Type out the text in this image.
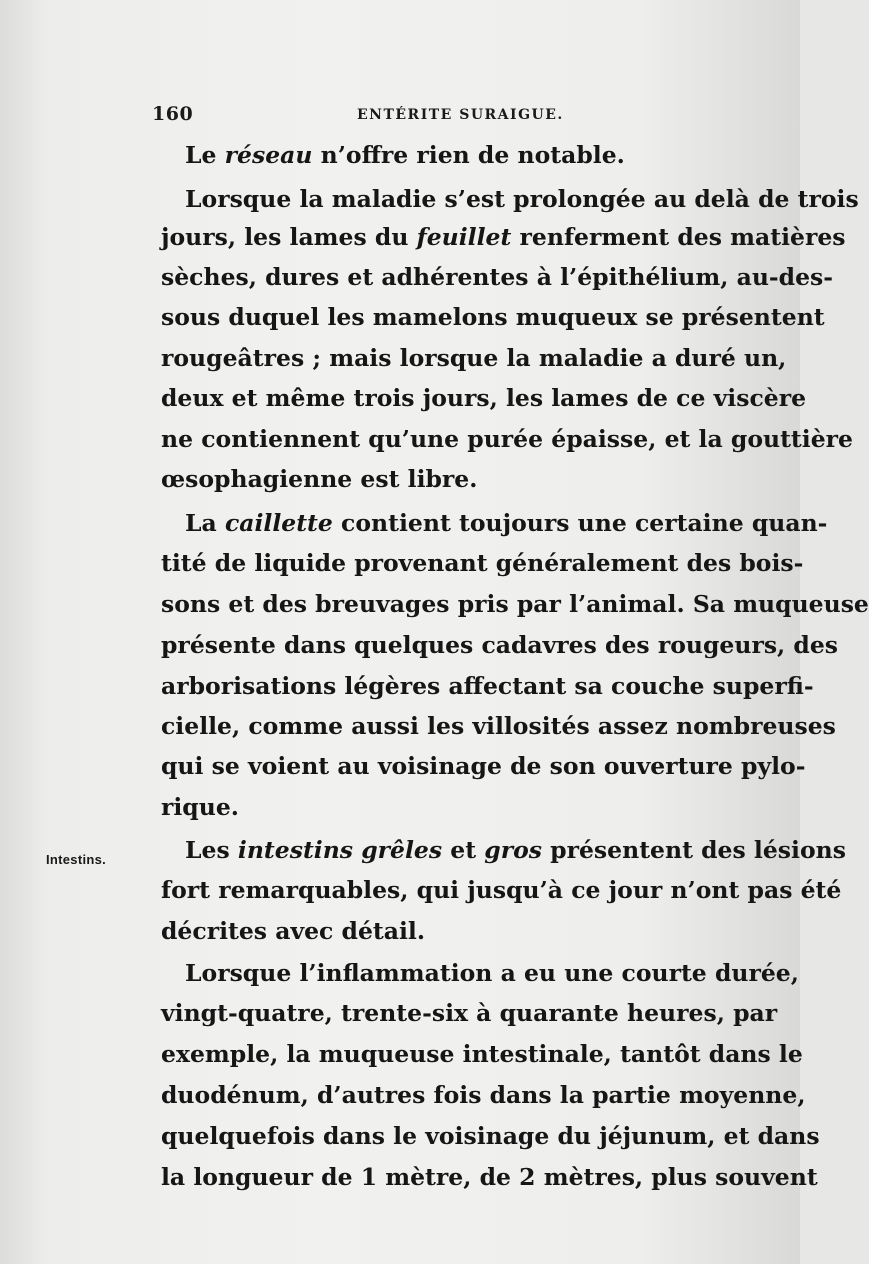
160	ENTÉRITE SURAIGUE.
Intestins.
Le réseau n’offre rien de notable.
Lorsque la maladie s’est prolongée au delà de trois
jours, les lames du feuillet renferment des matières
sèches, dures et adhérentes à l’épithélium, au-des-
sous duquel les mamelons muqueux se présentent
rougeâtres ; mais lorsque la maladie a duré un,
deux et même trois jours, les lames de ce viscère
ne contiennent qu’une purée épaisse, et la gouttière
œsophagienne est libre.
La caillette contient toujours une certaine quan-
tité de liquide provenant généralement des bois-
sons et des breuvages pris par l’animal. Sa muqueuse
présente dans quelques cadavres des rougeurs, des
arborisations légères affectant sa couche superfi-
cielle, comme aussi les villosités assez nombreuses
qui se voient au voisinage de son ouverture pylo-
rique.
Les intestins grêles et gros présentent des lésions
fort remarquables, qui jusqu’à ce jour n’ont pas été
décrites avec détail.
Lorsque l’inflammation a eu une courte durée,
vingt-quatre, trente-six à quarante heures, par
exemple, la muqueuse intestinale, tantôt dans le
duodénum, d’autres fois dans la partie moyenne,
quelquefois dans le voisinage du jéjunum, et dans
la longueur de 1 mètre, de 2 mètres, plus souvent
